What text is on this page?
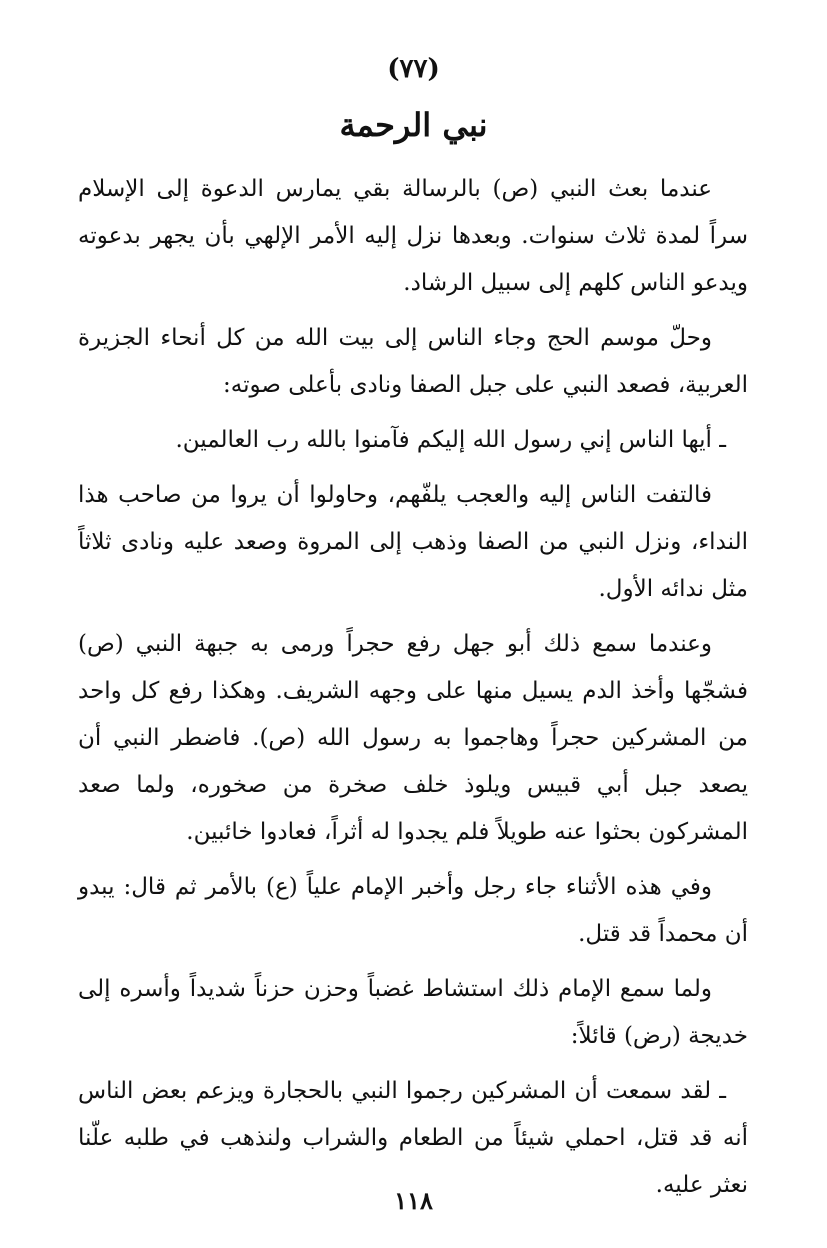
(٧٧)
نبي الرحمة

عندما بعث النبي (ص) بالرسالة بقي يمارس الدعوة إلى الإسلام سراً لمدة ثلاث سنوات. وبعدها نزل إليه الأمر الإلهي بأن يجهر بدعوته ويدعو الناس كلهم إلى سبيل الرشاد.

وحلّ موسم الحج وجاء الناس إلى بيت الله من كل أنحاء الجزيرة العربية، فصعد النبي على جبل الصفا ونادى بأعلى صوته:

ـ أيها الناس إني رسول الله إليكم فآمنوا بالله رب العالمين.

فالتفت الناس إليه والعجب يلفّهم، وحاولوا أن يروا من صاحب هذا النداء، ونزل النبي من الصفا وذهب إلى المروة وصعد عليه ونادى ثلاثاً مثل ندائه الأول.

وعندما سمع ذلك أبو جهل رفع حجراً ورمى به جبهة النبي (ص) فشجّها وأخذ الدم يسيل منها على وجهه الشريف. وهكذا رفع كل واحد من المشركين حجراً وهاجموا به رسول الله (ص). فاضطر النبي أن يصعد جبل أبي قبيس ويلوذ خلف صخرة من صخوره، ولما صعد المشركون بحثوا عنه طويلاً فلم يجدوا له أثراً، فعادوا خائبين.

وفي هذه الأثناء جاء رجل وأخبر الإمام علياً (ع) بالأمر ثم قال: يبدو أن محمداً قد قتل.

ولما سمع الإمام ذلك استشاط غضباً وحزن حزناً شديداً وأسره إلى خديجة (رض) قائلاً:

ـ لقد سمعت أن المشركين رجموا النبي بالحجارة ويزعم بعض الناس أنه قد قتل، احملي شيئاً من الطعام والشراب ولنذهب في طلبه علّنا نعثر عليه.

١١٨
